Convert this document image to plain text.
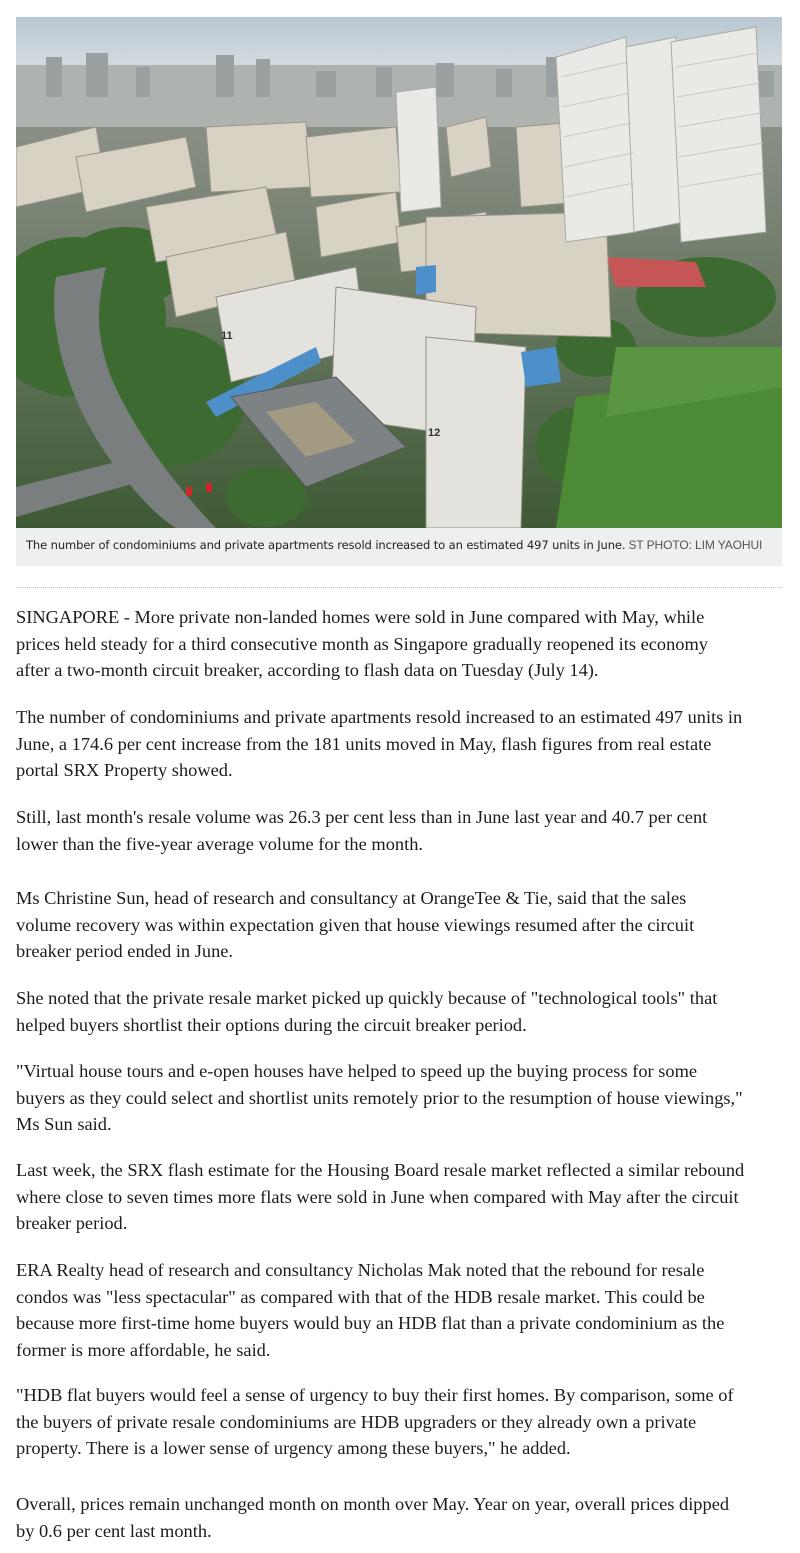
11
12
The number of condominiums and private apartments resold increased to an estimated 497 units in June. ST PHOTO: LIM YAOHUI

SINGAPORE - More private non-landed homes were sold in June compared with May, while prices held steady for a third consecutive month as Singapore gradually reopened its economy after a two-month circuit breaker, according to flash data on Tuesday (July 14).

The number of condominiums and private apartments resold increased to an estimated 497 units in June, a 174.6 per cent increase from the 181 units moved in May, flash figures from real estate portal SRX Property showed.

Still, last month's resale volume was 26.3 per cent less than in June last year and 40.7 per cent lower than the five-year average volume for the month.

Ms Christine Sun, head of research and consultancy at OrangeTee & Tie, said that the sales volume recovery was within expectation given that house viewings resumed after the circuit breaker period ended in June.

She noted that the private resale market picked up quickly because of "technological tools" that helped buyers shortlist their options during the circuit breaker period.

"Virtual house tours and e-open houses have helped to speed up the buying process for some buyers as they could select and shortlist units remotely prior to the resumption of house viewings," Ms Sun said.

Last week, the SRX flash estimate for the Housing Board resale market reflected a similar rebound where close to seven times more flats were sold in June when compared with May after the circuit breaker period.

ERA Realty head of research and consultancy Nicholas Mak noted that the rebound for resale condos was "less spectacular" as compared with that of the HDB resale market. This could be because more first-time home buyers would buy an HDB flat than a private condominium as the former is more affordable, he said.

"HDB flat buyers would feel a sense of urgency to buy their first homes. By comparison, some of the buyers of private resale condominiums are HDB upgraders or they already own a private property. There is a lower sense of urgency among these buyers," he added.

Overall, prices remain unchanged month on month over May. Year on year, overall prices dipped by 0.6 per cent last month.
